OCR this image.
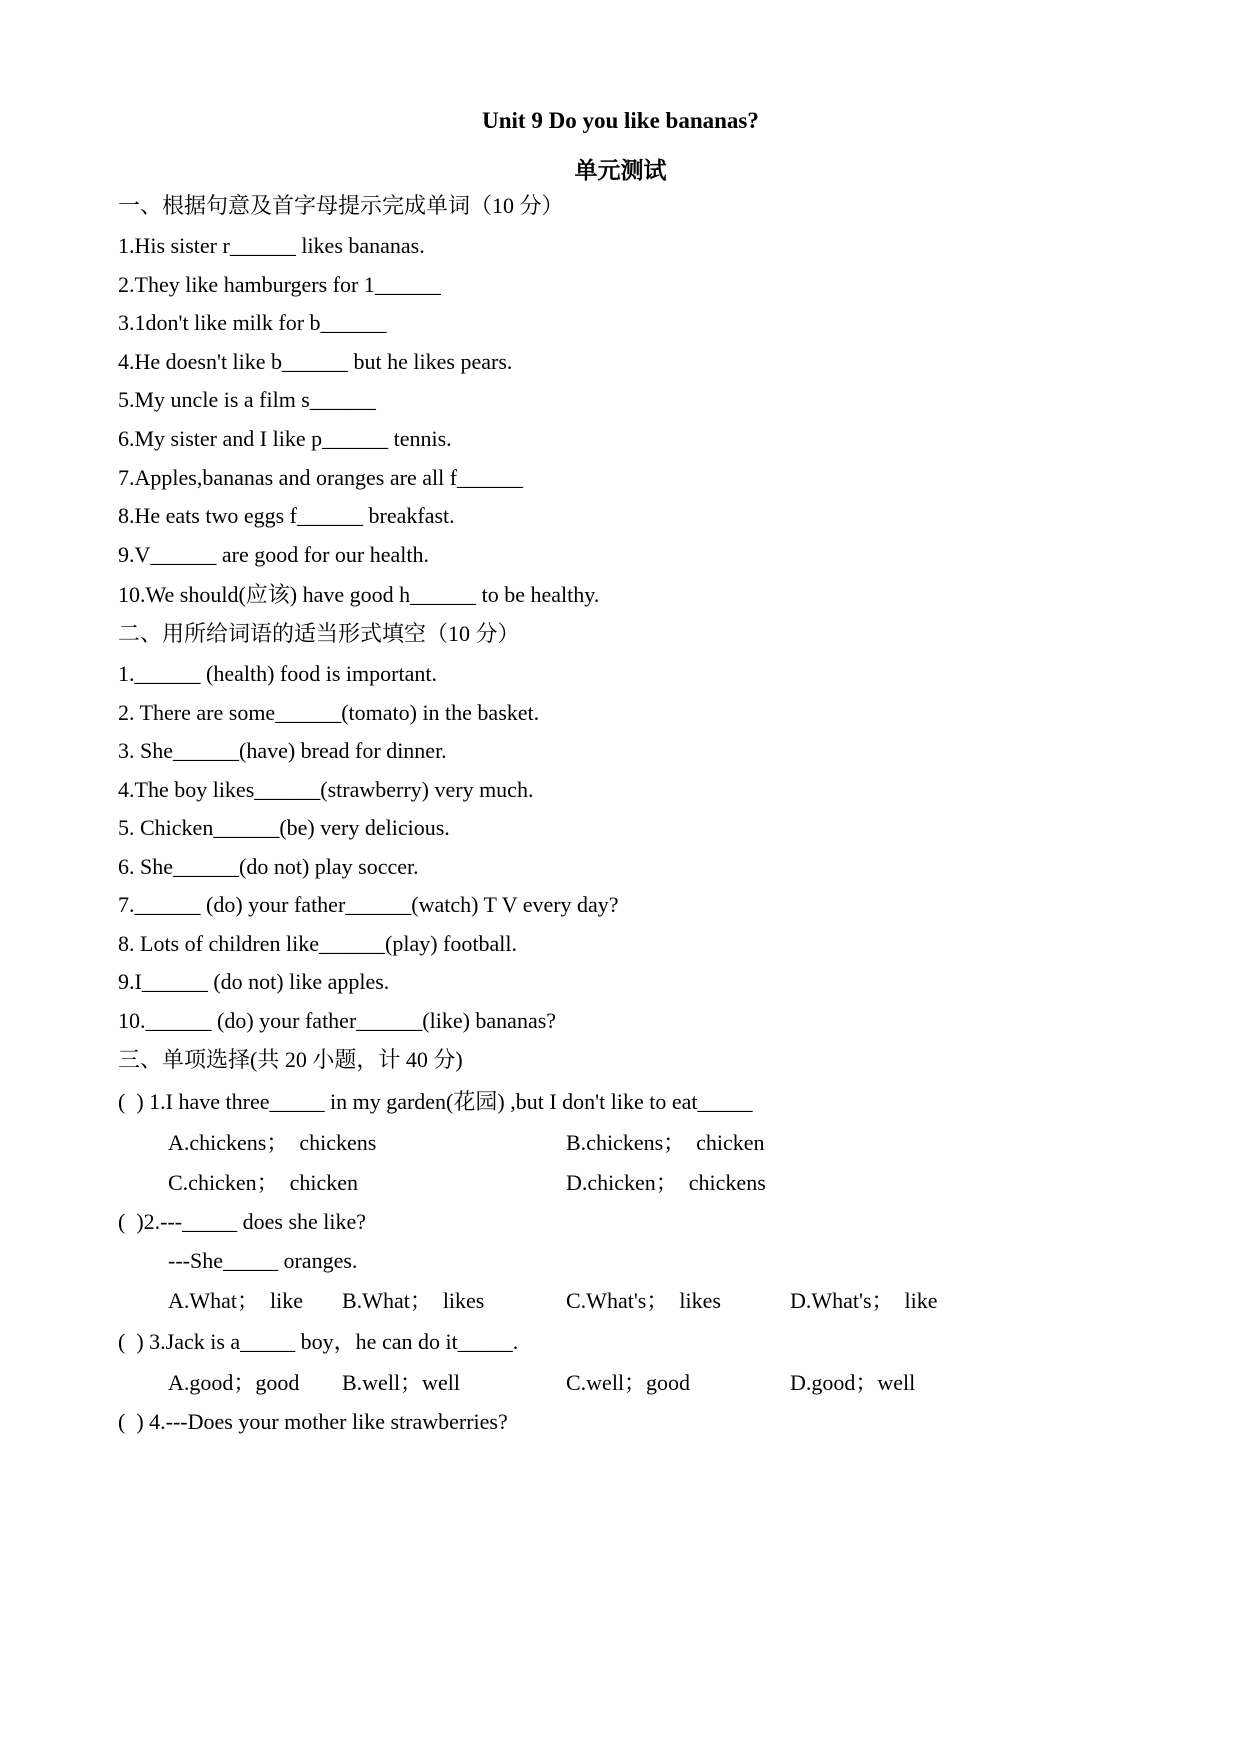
Unit 9 Do you like bananas?
单元测试
一、根据句意及首字母提示完成单词（10 分）
1.His sister r______ likes bananas.
2.They like hamburgers for 1______
3.1don't like milk for b______
4.He doesn't like b______ but he likes pears.
5.My uncle is a film s______
6.My sister and I like p______ tennis.
7.Apples,bananas and oranges are all f______
8.He eats two eggs f______ breakfast.
9.V______ are good for our health.
10.We should(应该) have good h______ to be healthy.
二、用所给词语的适当形式填空（10 分）
1.______ (health) food is important.
2. There are some______(tomato) in the basket.
3. She______(have) bread for dinner.
4.The boy likes______(strawberry) very much.
5. Chicken______(be) very delicious.
6. She______(do not) play soccer.
7.______ (do) your father______(watch) T V every day?
8. Lots of children like______(play) football.
9.I______ (do not) like apples.
10.______ (do) your father______(like) bananas?
三、单项选择(共 20 小题，计 40 分)
(  ) 1.I have three_____ in my garden(花园) ,but I don't like to eat_____
A.chickens；  chickens	B.chickens；  chicken
C.chicken；  chicken	D.chicken；  chickens
(  )2.---_____ does she like?
---She_____ oranges.
A.What；  like B.What；  likes	C.What's；  likes	D.What's；  like
(  ) 3.Jack is a_____ boy，he can do it_____.
A.good；good B.well；well	C.well；good	D.good；well
(  ) 4.---Does your mother like strawberries?
